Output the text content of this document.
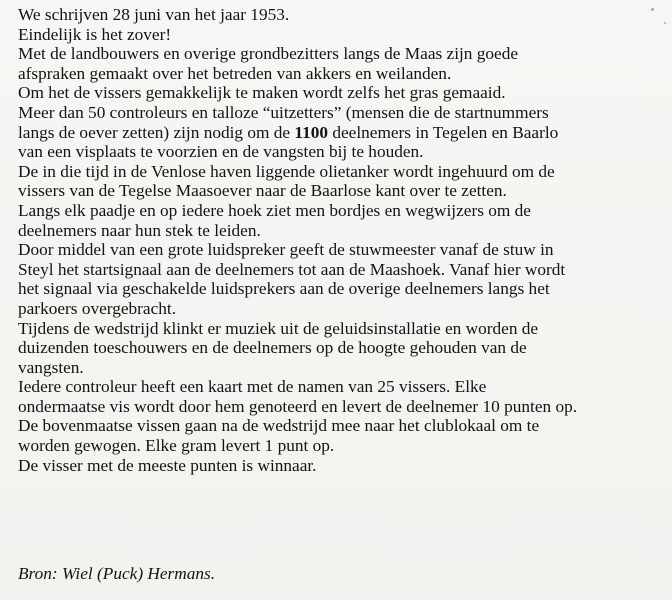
We schrijven 28 juni van het jaar 1953.
Eindelijk is het zover!
Met de landbouwers en overige grondbezitters langs de Maas zijn goede
afspraken gemaakt over het betreden van akkers en weilanden.
Om het de vissers gemakkelijk te maken wordt zelfs het gras gemaaid.
Meer dan 50 controleurs en talloze “uitzetters” (mensen die de startnummers
langs de oever zetten) zijn nodig om de 1100 deelnemers in Tegelen en Baarlo
van een visplaats te voorzien en de vangsten bij te houden.
De in die tijd in de Venlose haven liggende olietanker wordt ingehuurd om de
vissers van de Tegelse Maasoever naar de Baarlose kant over te zetten.
Langs elk paadje en op iedere hoek ziet men bordjes en wegwijzers om de
deelnemers naar hun stek te leiden.
Door middel van een grote luidspreker geeft de stuwmeester vanaf de stuw in
Steyl het startsignaal aan de deelnemers tot aan de Maashoek. Vanaf hier wordt
het signaal via geschakelde luidsprekers aan de overige deelnemers langs het
parkoers overgebracht.
Tijdens de wedstrijd klinkt er muziek uit de geluidsinstallatie en worden de
duizenden toeschouwers en de deelnemers op de hoogte gehouden van de
vangsten.
Iedere controleur heeft een kaart met de namen van 25 vissers. Elke
ondermaatse vis wordt door hem genoteerd en levert de deelnemer 10 punten op.
De bovenmaatse vissen gaan na de wedstrijd mee naar het clublokaal om te
worden gewogen. Elke gram levert 1 punt op.
De visser met de meeste punten is winnaar.
Bron: Wiel (Puck) Hermans.
